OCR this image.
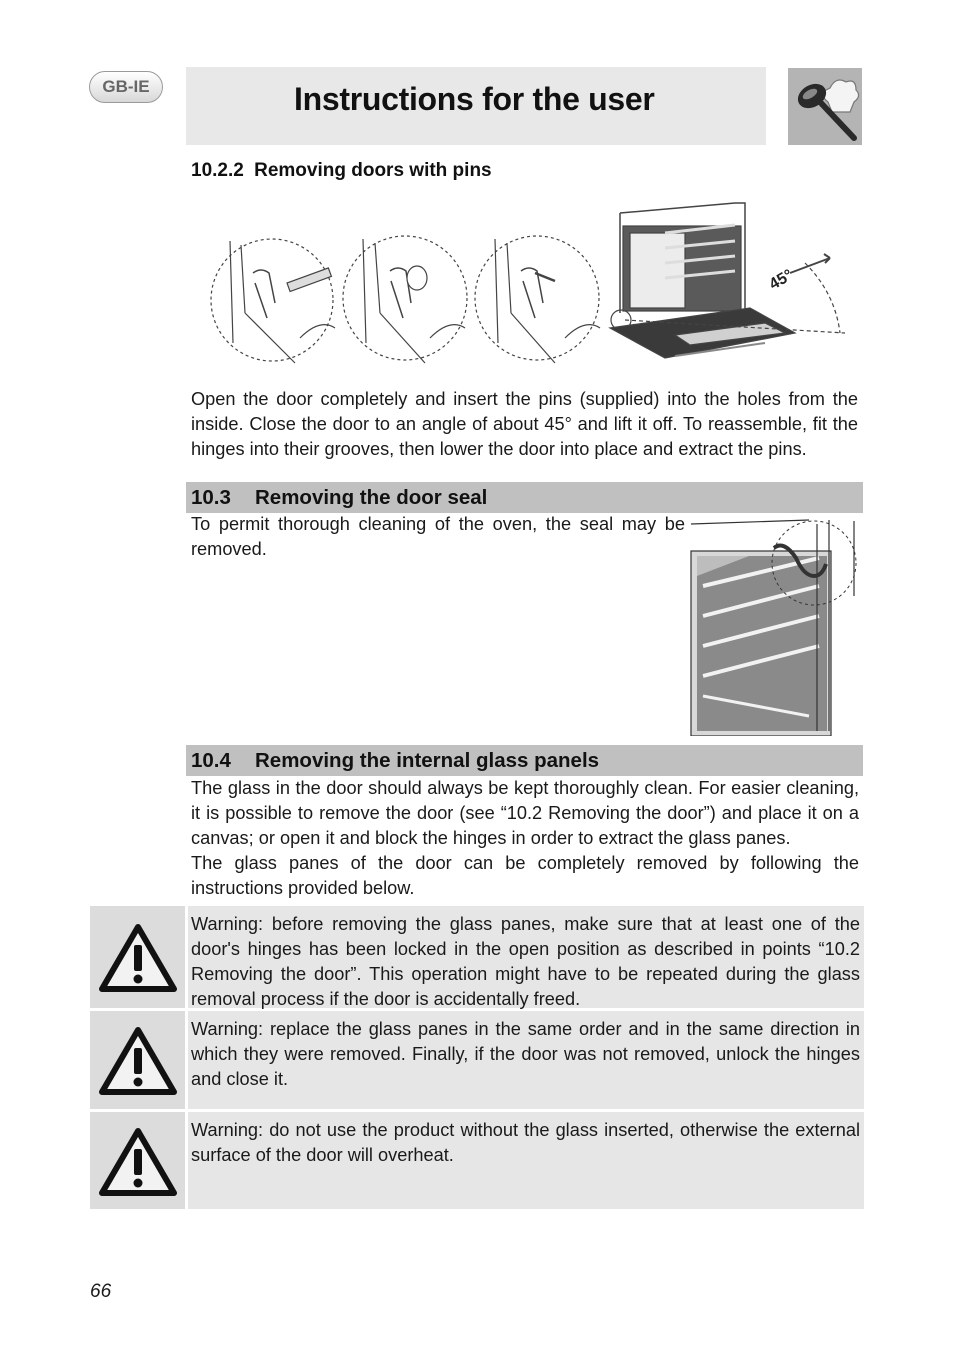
GB-IE	Instructions for the user
10.2.2 Removing doors with pins
45°
Open the door completely and insert the pins (supplied) into the holes from the inside. Close the door to an angle of about 45° and lift it off. To reassemble, fit the hinges into their grooves, then lower the door into place and extract the pins.
10.3 Removing the door seal
To permit thorough cleaning of the oven, the seal may be removed.
10.4 Removing the internal glass panels
The glass in the door should always be kept thoroughly clean. For easier cleaning, it is possible to remove the door (see “10.2 Removing the door”) and place it on a canvas; or open it and block the hinges in order to extract the glass panes.
The glass panes of the door can be completely removed by following the instructions provided below.
Warning: before removing the glass panes, make sure that at least one of the door's hinges has been locked in the open position as described in points “10.2 Removing the door”. This operation might have to be repeated during the glass removal process if the door is accidentally freed.
Warning: replace the glass panes in the same order and in the same direction in which they were removed. Finally, if the door was not removed, unlock the hinges and close it.
Warning: do not use the product without the glass inserted, otherwise the external surface of the door will overheat.
66
